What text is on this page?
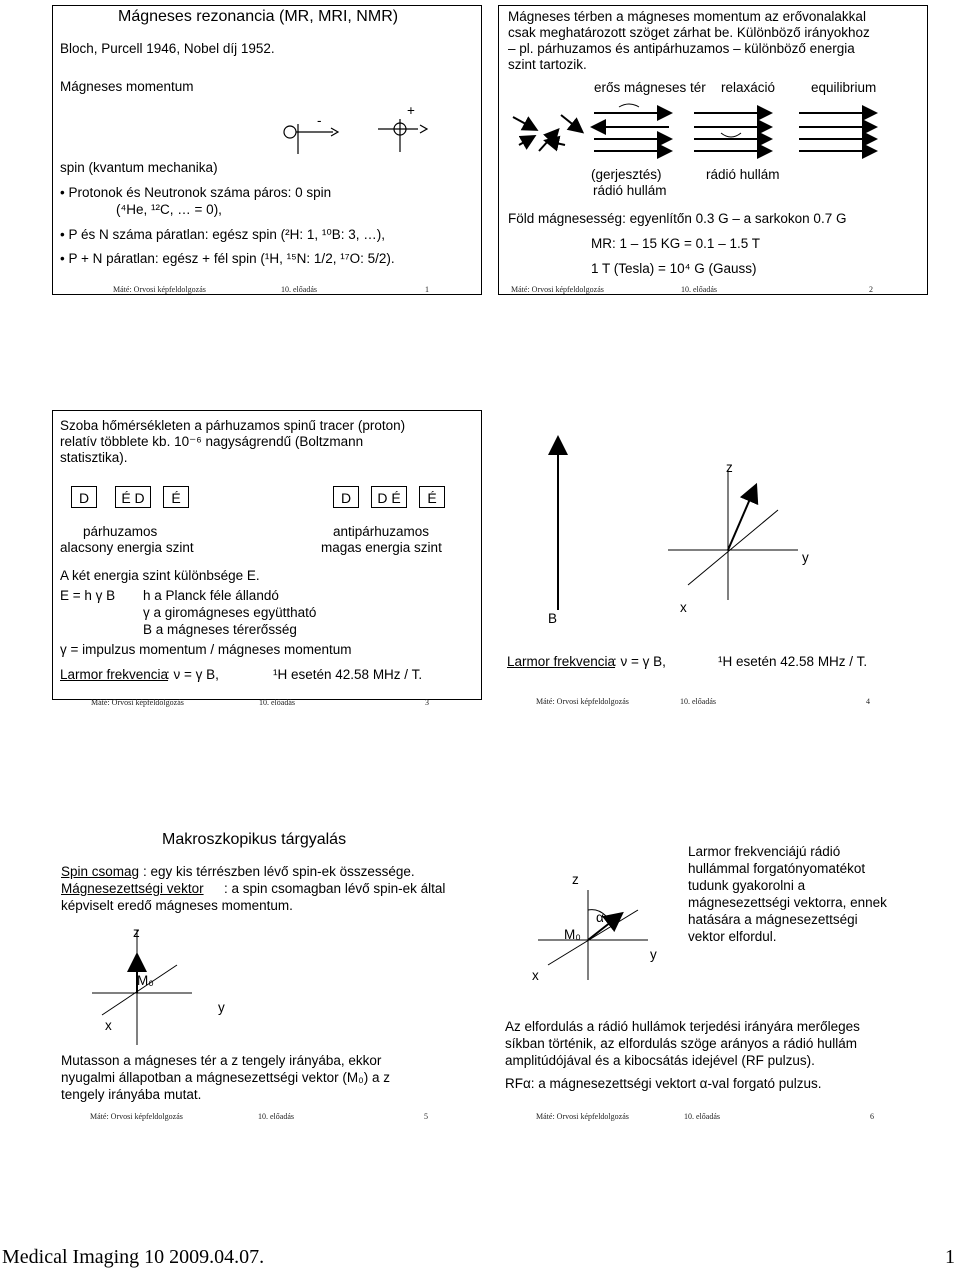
Mágneses rezonancia (MR, MRI, NMR)
Bloch, Purcell 1946, Nobel díj 1952.
Mágneses momentum
-
+
spin (kvantum mechanika)
• Protonok és Neutronok száma páros: 0 spin
(⁴He, ¹²C, … = 0),
• P és N száma páratlan: egész spin (²H: 1, ¹⁰B: 3, …),
• P + N páratlan: egész + fél spin (¹H, ¹⁵N: 1/2, ¹⁷O: 5/2).
Máté: Orvosi képfeldolgozás	10. előadás	1
Mágneses térben a mágneses momentum az erővonalakkal
csak meghatározott szöget zárhat be. Különböző irányokhoz
– pl. párhuzamos és antipárhuzamos – különböző energia
szint tartozik.
erős mágneses tér relaxáció	equilibrium
(gerjesztés)
rádió hullám
rádió hullám
Föld mágnesesség: egyenlítőn 0.3 G – a sarkokon 0.7 G
MR: 1 – 15 KG = 0.1 – 1.5 T
1 T (Tesla) = 10⁴ G (Gauss)
Máté: Orvosi képfeldolgozás	10. előadás	2
Szoba hőmérsékleten a párhuzamos spinű tracer (proton)
relatív többlete kb. 10⁻⁶ nagyságrendű (Boltzmann
statisztika).
D	É D	É	D	D É	É
párhuzamos
alacsony energia szint
antipárhuzamos
magas energia szint
A két energia szint különbsége E.
E = h γ B h a Planck féle állandó
γ a giromágneses együttható
B a mágneses térerősség
γ = impulzus momentum / mágneses momentum
Larmor frekvencia
: ν = γ B,	¹H esetén 42.58 MHz / T.
Máté: Orvosi képfeldolgozás	10. előadás	3
z
y
x
B
Larmor frekvencia
: ν = γ B,	¹H esetén 42.58 MHz / T.
Máté: Orvosi képfeldolgozás	10. előadás	4
Makroszkopikus tárgyalás
Spin csomag : egy kis térrészben lévő spin-ek összessége.
Mágnesezettségi vektor : a spin csomagban lévő spin-ek által
képviselt eredő mágneses momentum.
z
M₀
y
x
Mutasson a mágneses tér a z tengely irányába, ekkor
nyugalmi állapotban a mágnesezettségi vektor (M₀) a z
tengely irányába mutat.
Máté: Orvosi képfeldolgozás	10. előadás	5
z
α
M₀
y
x
Larmor frekvenciájú rádió
hullámmal forgatónyomatékot
tudunk gyakorolni a
mágnesezettségi vektorra, ennek
hatására a mágnesezettségi
vektor elfordul.
Az elfordulás a rádió hullámok terjedési irányára merőleges
síkban történik, az elfordulás szöge arányos a rádió hullám
amplitúdójával és a kibocsátás idejével (RF pulzus).
RFα: a mágnesezettségi vektort α-val forgató pulzus.
Máté: Orvosi képfeldolgozás	10. előadás	6
Medical Imaging 10 2009.04.07.	1
